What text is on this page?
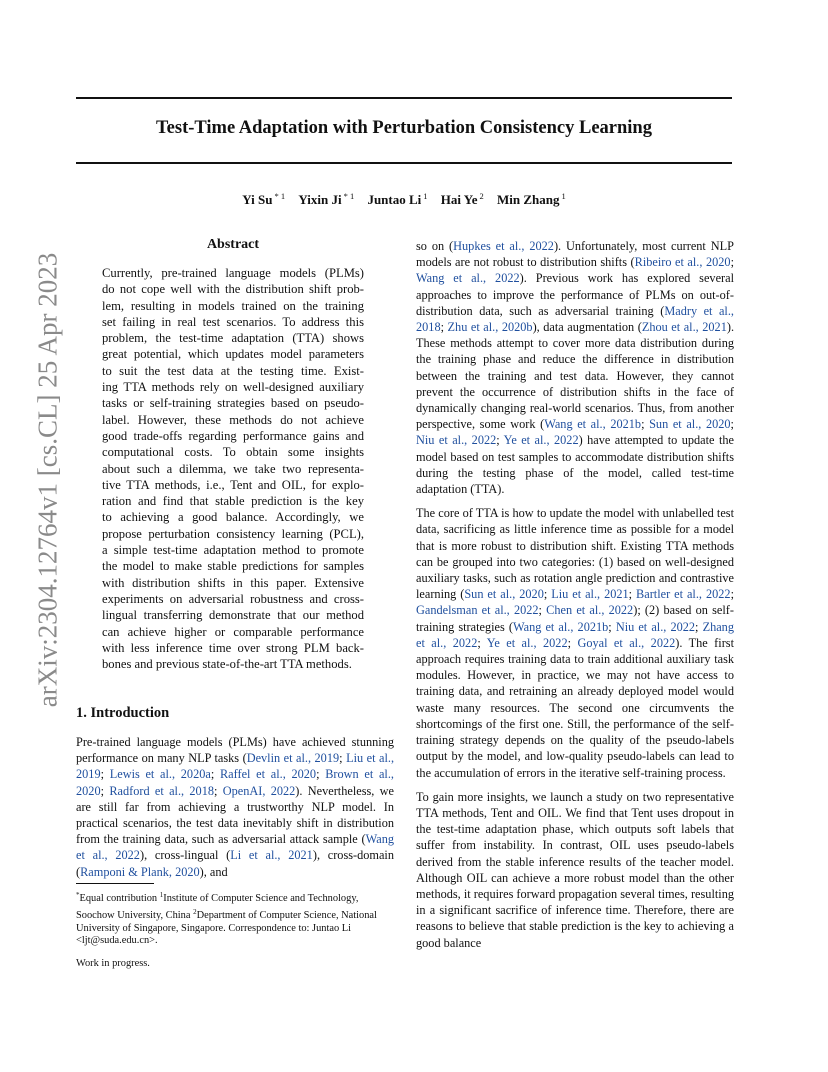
Test-Time Adaptation with Perturbation Consistency Learning
Yi Su $^{* 1}$ Yixin Ji $^{* 1}$ Juntao Li $^1$ Hai Ye $^2$ Min Zhang $^1$
arXiv:2304.12764v1 [cs.CL] 25 Apr 2023
Abstract
Currently, pre-trained language models (PLMs)
do not cope well with the distribution shift prob-
lem, resulting in models trained on the training
set failing in real test scenarios. To address this
problem, the test-time adaptation (TTA) shows
great potential, which updates model parameters
to suit the test data at the testing time. Exist-
ing TTA methods rely on well-designed auxiliary
tasks or self-training strategies based on pseudo-
label. However, these methods do not achieve
good trade-offs regarding performance gains and
computational costs. To obtain some insights
about such a dilemma, we take two representa-
tive TTA methods, i.e., Tent and OIL, for explo-
ration and find that stable prediction is the key
to achieving a good balance. Accordingly, we
propose perturbation consistency learning (PCL),
a simple test-time adaptation method to promote
the model to make stable predictions for samples
with distribution shifts in this paper. Extensive
experiments on adversarial robustness and cross-
lingual transferring demonstrate that our method
can achieve higher or comparable performance
with less inference time over strong PLM back-
bones and previous state-of-the-art TTA methods.
1. Introduction

Pre-trained language models (PLMs) have achieved stunning performance on many NLP tasks (Devlin et al., 2019; Liu et al., 2019; Lewis et al., 2020a; Raffel et al., 2020; Brown et al., 2020; Radford et al., 2018; OpenAI, 2022). Nevertheless, we are still far from achieving a trustworthy NLP model. In practical scenarios, the test data inevitably shift in distribution from the training data, such as adversarial attack sample (Wang et al., 2022), cross-lingual (Li et al., 2021), cross-domain (Ramponi & Plank, 2020), and

*Equal contribution $^1$Institute of Computer Science and Technology, Soochow University, China $^2$Department of Computer Science, National University of Singapore, Singapore. Correspondence to: Juntao Li <ljt@suda.edu.cn>.
Work in progress.

so on (Hupkes et al., 2022). Unfortunately, most current NLP models are not robust to distribution shifts (Ribeiro et al., 2020; Wang et al., 2022). Previous work has explored several approaches to improve the performance of PLMs on out-of-distribution data, such as adversarial training (Madry et al., 2018; Zhu et al., 2020b), data augmentation (Zhou et al., 2021). These methods attempt to cover more data distribution during the training phase and reduce the difference in distribution between the training and test data. However, they cannot prevent the occurrence of distribution shifts in the face of dynamically changing real-world scenarios. Thus, from another perspective, some work (Wang et al., 2021b; Sun et al., 2020; Niu et al., 2022; Ye et al., 2022) have attempted to update the model based on test samples to accommodate distribution shifts during the testing phase of the model, called test-time adaptation (TTA).

The core of TTA is how to update the model with unlabelled test data, sacrificing as little inference time as possible for a model that is more robust to distribution shift. Existing TTA methods can be grouped into two categories: (1) based on well-designed auxiliary tasks, such as rotation angle prediction and contrastive learning (Sun et al., 2020; Liu et al., 2021; Bartler et al., 2022; Gandelsman et al., 2022; Chen et al., 2022); (2) based on self-training strategies (Wang et al., 2021b; Niu et al., 2022; Zhang et al., 2022; Ye et al., 2022; Goyal et al., 2022). The first approach requires training data to train additional auxiliary task modules. However, in practice, we may not have access to training data, and retraining an already deployed model would waste many resources. The second one circumvents the shortcomings of the first one. Still, the performance of the self-training strategy depends on the quality of the pseudo-labels output by the model, and low-quality pseudo-labels can lead to the accumulation of errors in the iterative self-training process.

To gain more insights, we launch a study on two representative TTA methods, Tent and OIL. We find that Tent uses dropout in the test-time adaptation phase, which outputs soft labels that suffer from instability. In contrast, OIL uses pseudo-labels derived from the stable inference results of the teacher model. Although OIL can achieve a more robust model than the other methods, it requires forward propagation several times, resulting in a significant sacrifice of inference time. Therefore, there are reasons to believe that stable prediction is the key to achieving a good balance
